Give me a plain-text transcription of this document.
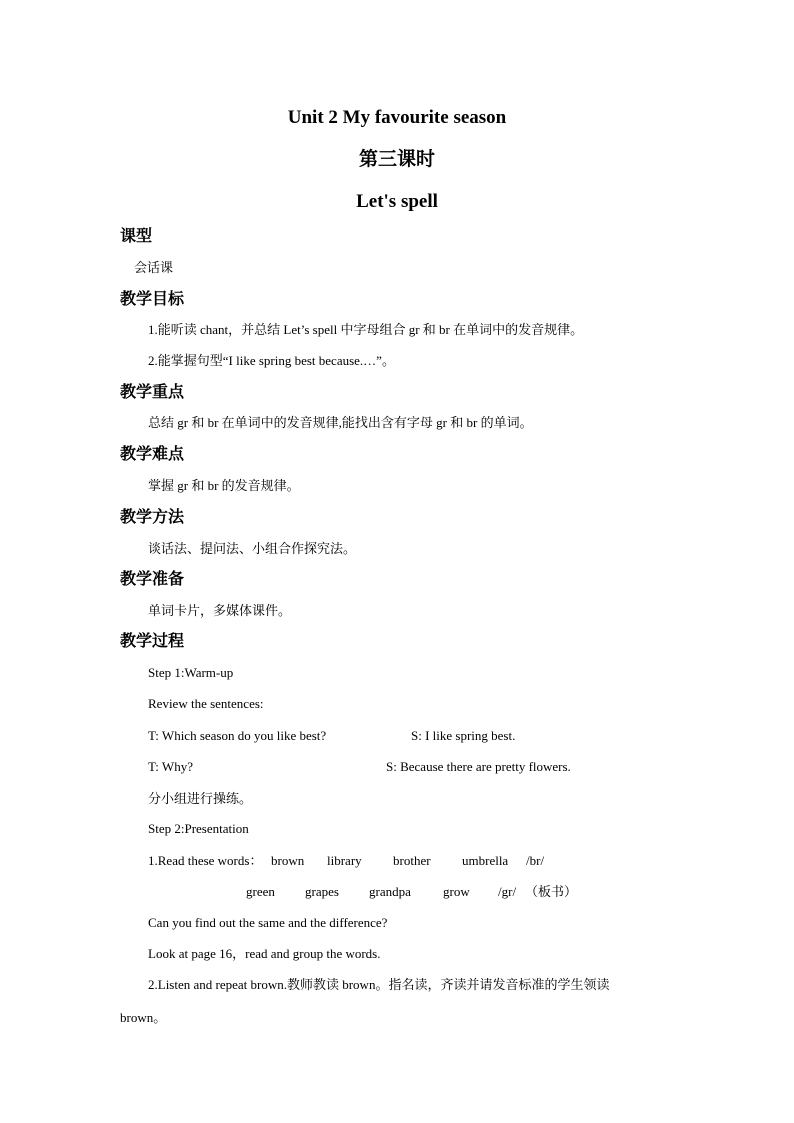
Unit 2 My favourite season
第三课时
Let's spell
课型
会话课
教学目标
1.能听读 chant，并总结 Let’s spell 中字母组合 gr 和 br 在单词中的发音规律。
2.能掌握句型“I like spring best because.…”。
教学重点
总结 gr 和 br 在单词中的发音规律,能找出含有字母 gr 和 br 的单词。
教学难点
掌握 gr 和 br 的发音规律。
教学方法
谈话法、提问法、小组合作探究法。
教学准备
单词卡片，多媒体课件。
教学过程
Step 1:Warm-up
Review the sentences:
T: Which season do you like best?	S: I like spring best.
T: Why?	S: Because there are pretty flowers.
分小组进行操练。
Step 2:Presentation
1.Read these words： brown library brother umbrella /br/
green grapes grandpa grow /gr/ （板书）
Can you find out the same and the difference?
Look at page 16，read and group the words.
2.Listen and repeat brown.教师教读 brown。指名读，齐读并请发音标准的学生领读
brown。
